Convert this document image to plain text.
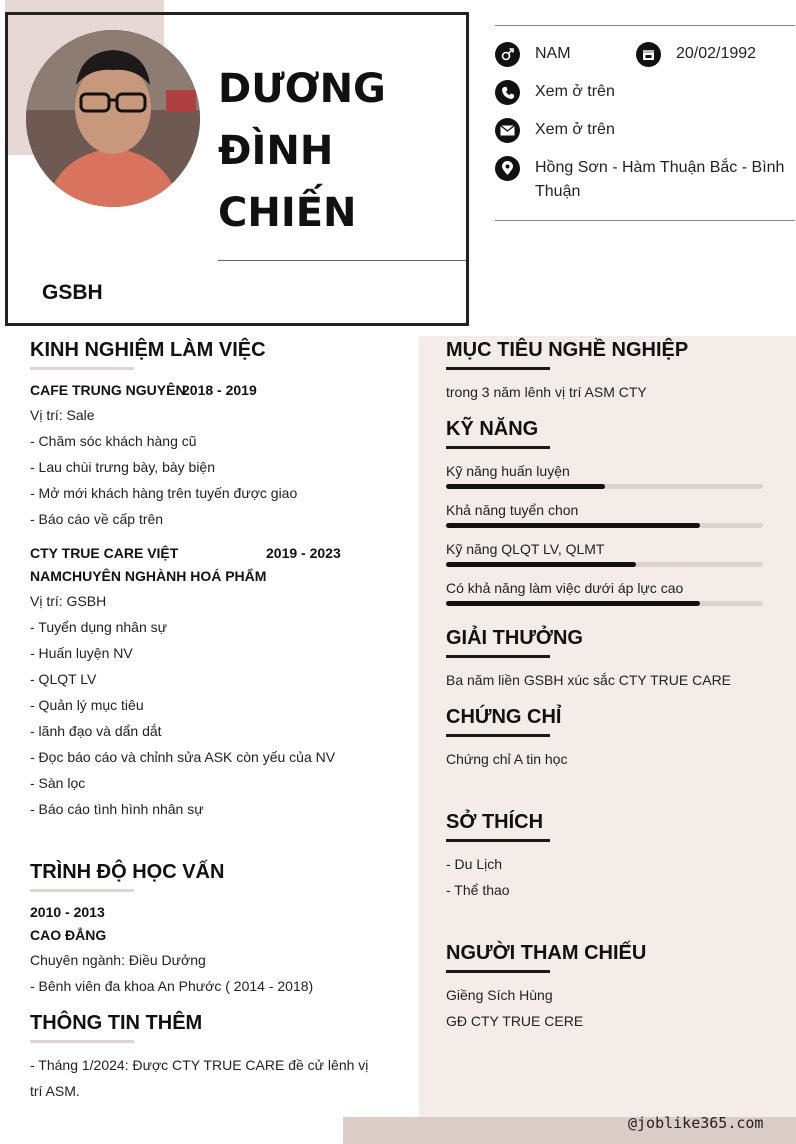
DƯƠNG
ĐÌNH
CHIẾN
GSBH
NAM	20/02/1992
Xem ở trên
Xem ở trên
Hồng Sơn - Hàm Thuận Bắc - Bình
Thuận
KINH NGHIỆM LÀM VIỆC
CAFE TRUNG NGUYÊN
2018 - 2019
Vị trí: Sale
- Chăm sóc khách hàng cũ
- Lau chùi trưng bày, bày biện
- Mở mới khách hàng trên tuyến được giao
- Báo cáo về cấp trên
CTY TRUE CARE VIỆT	2019 - 2023
NAMCHUYÊN NGHÀNH HOÁ PHẨM
Vị trí: GSBH
- Tuyển dụng nhân sự
- Huấn luyện NV
- QLQT LV
- Quản lý mục tiêu
- lãnh đạo và dẩn dắt
- Đọc báo cáo và chỉnh sửa ASK còn yếu của NV
- Sàn lọc
- Báo cáo tình hình nhân sự
TRÌNH ĐỘ HỌC VẤN
2010 - 2013
CAO ĐẲNG
Chuyên ngành: Điều Dưởng
- Bênh viên đa khoa An Phước ( 2014 - 2018)
THÔNG TIN THÊM
- Tháng 1/2024: Được CTY TRUE CARE đề cử lênh vị
trí ASM.
MỤC TIÊU NGHỀ NGHIỆP
trong 3 năm lênh vị trí ASM CTY
KỸ NĂNG
Kỹ năng huấn luyện
Khả năng tuyển chon
Kỹ năng QLQT LV, QLMT
Có khả năng làm việc dưới áp lực cao
GIẢI THƯỞNG
Ba năm liền GSBH xúc sắc CTY TRUE CARE
CHỨNG CHỈ
Chứng chỉ A tin học
SỞ THÍCH
- Du Lịch
- Thể thao
NGƯỜI THAM CHIẾU
Giềng Sích Hùng
GĐ CTY TRUE CERE
@joblike365.com
